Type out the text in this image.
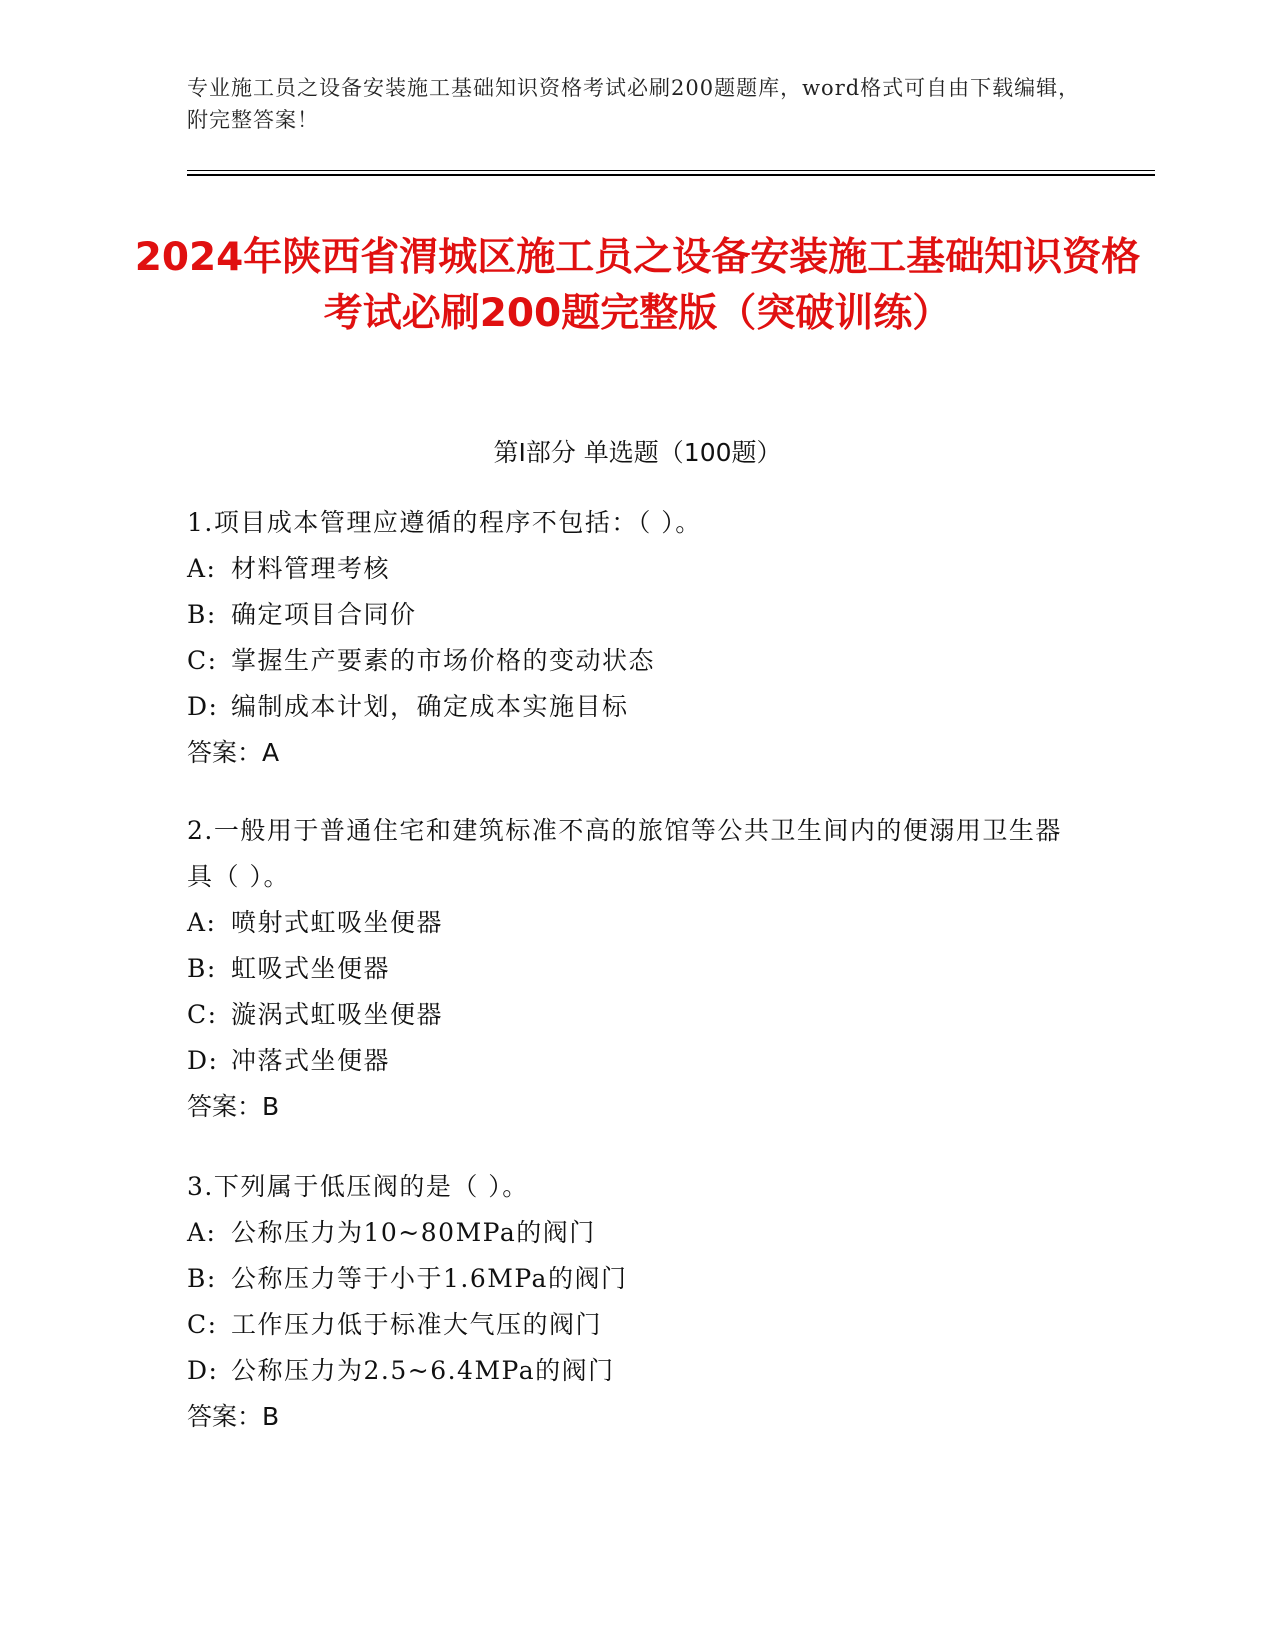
专业施工员之设备安装施工基础知识资格考试必刷200题题库，word格式可自由下载编辑，附完整答案！
2024年陕西省渭城区施工员之设备安装施工基础知识资格考试必刷200题完整版（突破训练）
第I部分 单选题（100题）
1.项目成本管理应遵循的程序不包括：（ ）。
A: 材料管理考核
B: 确定项目合同价
C: 掌握生产要素的市场价格的变动状态
D: 编制成本计划，确定成本实施目标
答案：A
2.一般用于普通住宅和建筑标准不高的旅馆等公共卫生间内的便溺用卫生器具（ ）。
A: 喷射式虹吸坐便器
B: 虹吸式坐便器
C: 漩涡式虹吸坐便器
D: 冲落式坐便器
答案：B
3.下列属于低压阀的是（ ）。
A: 公称压力为10~80MPa的阀门
B: 公称压力等于小于1.6MPa的阀门
C: 工作压力低于标准大气压的阀门
D: 公称压力为2.5~6.4MPa的阀门
答案：B
